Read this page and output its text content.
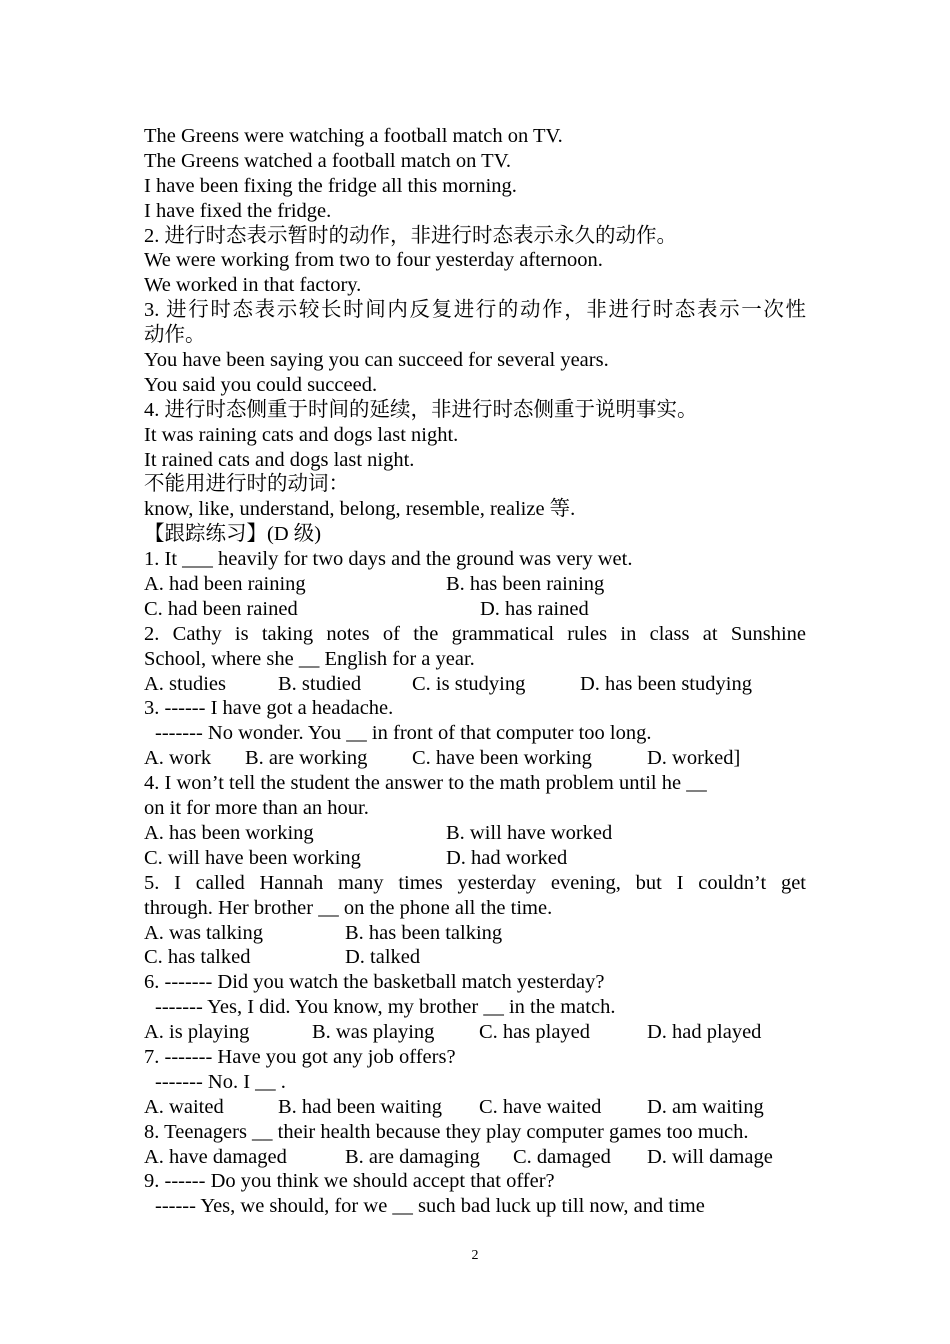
The Greens were watching a football match on TV.
The Greens watched a football match on TV.
I have been fixing the fridge all this morning.
I have fixed the fridge.
2. 进行时态表示暂时的动作，非进行时态表示永久的动作。
We were working from two to four yesterday afternoon.
We worked in that factory.
3. 进行时态表示较长时间内反复进行的动作，非进行时态表示一次性
动作。
You have been saying you can succeed for several years.
You said you could succeed.
4. 进行时态侧重于时间的延续，非进行时态侧重于说明事实。
It was raining cats and dogs last night.
It rained cats and dogs last night.
不能用进行时的动词：
know, like, understand, belong, resemble, realize 等.
【跟踪练习】(D 级)
1. It ___ heavily for two days and the ground was very wet.
A. had been raining	B. has been raining
C. had been rained	D. has rained
2. Cathy is taking notes of the grammatical rules in class at Sunshine
School, where she __ English for a year.
A. studies	B. studied C. is studying	D. has been studying
3. ------ I have got a headache.
------- No wonder. You __ in front of that computer too long.
A. work B. are working C. have been working	D. worked]
4. I won’t tell the student the answer to the math problem until he __
on it for more than an hour.
A. has been working	B. will have worked
C. will have been working	D. had worked
5. I called Hannah many times yesterday evening, but I couldn’t get
through. Her brother __ on the phone all the time.
A. was talking	B. has been talking
C. has talked	D. talked
6. ------- Did you watch the basketball match yesterday?
------- Yes, I did. You know, my brother __ in the match.
A. is playing	B. was playing C. has played	D. had played
7. ------- Have you got any job offers?
------- No. I __ .
A. waited	B. had been waiting C. have waited D. am waiting
8. Teenagers __ their health because they play computer games too much.
A. have damaged	B. are damaging C. damaged D. will damage
9. ------ Do you think we should accept that offer?
------ Yes, we should, for we __ such bad luck up till now, and time
2
